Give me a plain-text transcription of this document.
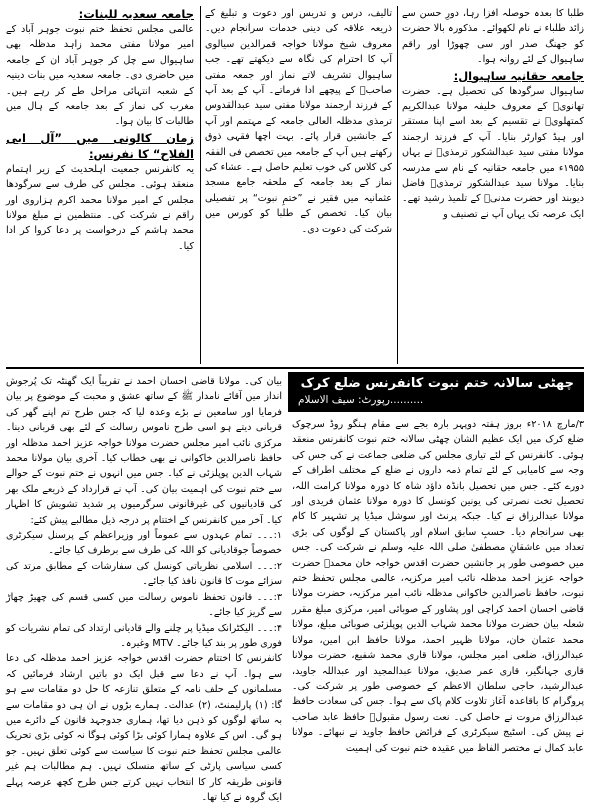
طلبا کا بعدہ حوصلہ افزا رہا، دورِ حسن سے زائد طلباء نے نام لکھوائے۔ مذکورہ بالا حضرت کو جھنگ صدر اور سی چھوڑا اور راقم ساہیوال کے لئے روانہ ہوا۔

جامعہ حقانیہ ساہیوال:

ساہیوال سرگودھا کی تحصیل ہے۔ حضرت تھانویؒ کے معروف خلیفہ مولانا عبدالکریم کمتھلویؒ نے تقسیم کے بعد اسے اپنا مستقر اور ہیڈ کوارٹر بنایا۔ آپ کے فرزند ارجمند مولانا مفتی سید عبدالشکور ترمذیؒ نے یہاں ۱۹۵۵ء میں جامعہ حقانیہ کے نام سے مدرسہ بنایا۔ مولانا سید عبدالشکور ترمذیؒ فاضل دیوبند اور حضرت مدنیؒ کے تلمیذ رشید تھے۔ ایک عرصہ تک یہاں آپ نے تصنیف و

تالیف، درس و تدریس اور دعوت و تبلیغ کے ذریعہ علاقہ کی دینی خدمات سرانجام دیں۔ معروف شیخ مولانا خواجہ قمرالدین سیالوی آپ کا احترام کی نگاہ سے دیکھتے تھے۔ جب ساہیوال تشریف لاتے نماز اور جمعہ مفتی صاحبؒ کے پیچھے ادا فرماتے۔ آپ کے بعد آپ کے فرزند ارجمند مولانا مفتی سید عبدالقدوس ترمذی مدظلہ العالی جامعہ کے مہتمم اور آپ کے جانشین قرار پائے۔ بہت اچھا فقہی ذوق رکھتے ہیں آپ کے جامعہ میں تخصص فی الفقہ کی کلاس کی خوب تعلیم حاصل ہے۔ عشاء کی نماز کے بعد جامعہ کے ملحقہ جامع مسجد عثمانیہ میں فقیر نے ”ختمِ نبوت“ پر تفصیلی بیان کیا۔ تخصص کے طلبا کو کورس میں شرکت کی دعوت دی۔

جامعہ سعدیہ للبنات:

عالمی مجلس تحفظ ختم نبوت جوہر آباد کے امیر مولانا مفتی محمد زاہد مدظلہ بھی ساہیوال سے چل کر جوہر آباد ان کے جامعہ میں حاضری دی۔ جامعہ سعدیہ میں بنات دینیہ کے شعبہ انتہائی مراحل طے کر رہے ہیں۔ مغرب کی نماز کے بعد جامعہ کے ہال میں طالبات کا بیان ہوا۔

زمان کالونی میں ”آل ابی الفلاح“ کا نفرنس:

یہ کانفرنس جمعیت اہلحدیث کے زیر اہتمام منعقد ہوئی۔ مجلس کی طرف سے سرگودھا مجلس کے امیر مولانا محمد اکرم ہزاروی اور راقم نے شرکت کی۔ منتظمین نے مبلغ مولانا محمد ہاشم کے درخواست پر دعا کروا کر ادا کیا۔

چھٹی سالانہ ختم نبوت کانفرنس ضلع کرک
..........رپورٹ: سیف الاسلام

۳/مارچ ۲۰۱۸ء بروز ہفتہ دوپہر بارہ بجے سے مقام ہنگو روڈ سرچوک ضلع کرک میں ایک عظیم الشان چھٹی سالانہ ختم نبوت کانفرنس منعقد ہوئی۔ کانفرنس کے لئے تیاری مجلس کی ضلعی جماعت نے کی جس کی وجہ سے کامیابی کے لئے تمام ذمہ داروں نے ضلع کے مختلف اطراف کے دورے کئے۔ جس میں تحصیل بانڈہ داؤد شاہ کا دورہ مولانا کرامت اللہ، تحصیل تخت نصرتی کی یونین کونسل کا دورہ مولانا عثمان فریدی اور مولانا عبدالرزاق نے کیا۔ جبکہ پرنٹ اور سوشل میڈیا پر تشہیر کا کام بھی سرانجام دیا۔ حسبِ سابق اسلام اور پاکستان کے لوگوں کی بڑی تعداد میں عاشقانِ مصطفیٰ صلی اللہ علیہ وسلم نے شرکت کی۔ جس میں خصوصی طور پر جانشین حضرت اقدس خواجہ خان محمدؒ حضرت خواجہ عزیز احمد مدظلہ نائب امیر مرکزیہ، عالمی مجلس تحفظ ختم نبوت، حافظ ناصرالدین خاکوانی مدظلہ نائب امیر مرکزیہ، حضرت مولانا قاضی احسان احمد کراچی اور پشاور کے صوبائی امیر، مرکزی مبلغ مقرر شعلہ بیان حضرت مولانا محمد شہاب الدین پوپلزئی صوبائی مبلغ، مولانا محمد عثمان خان، مولانا ظہیر احمد، مولانا حافظ ابن امین، مولانا عبدالرزاق، ضلعی امیر مجلس، مولانا قاری محمد شفیع، حضرت مولانا قاری جہانگیر، قاری عمر صدیق، مولانا عبدالمجید اور عبداللہ جاوید، عبدالرشید، حاجی سلطان الاعظم کے خصوصی طور پر شرکت کی۔ پروگرام کا باقاعدہ آغاز تلاوت کلام پاک سے ہوا۔ جس کی سعادت حافظ عبدالرزاق مروت نے حاصل کی۔ نعت رسول مقبولؐ حافظ عابد صاحب نے پیش کی۔ اسٹیج سیکرٹری کے فرائض حافظ جاوید نے نبھائے۔ مولانا عابد کمال نے مختصر الفاظ میں عقیدہ ختم نبوت کی اہمیت

بیان کی۔ مولانا قاضی احسان احمد نے تقریباً ایک گھنٹہ تک پُرجوش انداز میں آقائے نامدار ﷺ کے ساتھ عشق و محبت کے موضوع پر بیان فرمایا اور سامعین نے بڑے وعدہ لیا کہ جس طرح تم اپنے گھر کی قربانی دیتے ہو اسی طرح ناموس رسالت کے لئے بھی قربانی دینا۔ مرکزی نائب امیر مجلس حضرت مولانا خواجہ عزیز احمد مدظلہ اور حافظ ناصرالدین خاکوانی نے بھی خطاب کیا۔ آخری بیان مولانا محمد شہاب الدین پوپلزئی نے کیا۔ جس میں انہوں نے ختم نبوت کے حوالے سے ختم نبوت کی اہمیت بیان کی۔ آپ نے قرارداد کے ذریعے ملک بھر کی قادیانیوں کی غیرقانونی سرگرمیوں پر شدید تشویش کا اظہار کیا۔ آخر میں کانفرنس کے اختتام پر درجہ ذیل مطالبے پیش کئے:

۱:۔۔۔ تمام عہدوں سے عموماً اور وزیراعظم کے پرسنل سیکرٹری خصوصاً جوقادیانی کو اللہ کی طرف سے برطرف کیا جائے۔

۲:۔۔۔ اسلامی نظریاتی کونسل کی سفارشات کے مطابق مرتد کی سزائے موت کا قانون نافذ کیا جائے۔

۳:۔۔۔ قانون تحفظ ناموس رسالت میں کسی قسم کی چھیڑ چھاڑ سے گریز کیا جائے۔

۴:۔۔۔ الیکٹرانک میڈیا پر چلنے والے قادیانی ارتداد کی تمام نشریات کو فوری طور پر بند کیا جائے۔ MTV وغیرہ۔

کانفرنس کا اختتام حضرت اقدس خواجہ عزیز احمد مدظلہ کی دعا سے ہوا۔ آپ نے دعا سے قبل ایک دو باتیں ارشاد فرمائیں کہ مسلمانوں کے حلف نامہ کے متعلق تنازعہ کا حل دو مقامات سے ہو گا: (۱) پارلیمنٹ، (۲) عدالت۔ ہمارے بڑوں نے ان ہی دو مقامات سے بہ ساتھ لوگوں کو ذہن دیا تھا، ہماری جدوجہد قانون کے دائرے میں ہو گی۔ اس کے علاوہ ہمارا کوئی بڑا کوئی ہوگا نہ کوئی بڑی تحریک عالمی مجلس تحفظ ختم نبوت کا سیاست سے کوئی تعلق نہیں۔ جو کسی سیاسی پارٹی کے ساتھ منسلک نہیں۔ ہم مطالبات ہم غیر قانونی طریقہ کار کا انتخاب نہیں کرتے جس طرح کچھ عرصہ پہلے ایک گروہ نے کیا تھا۔
